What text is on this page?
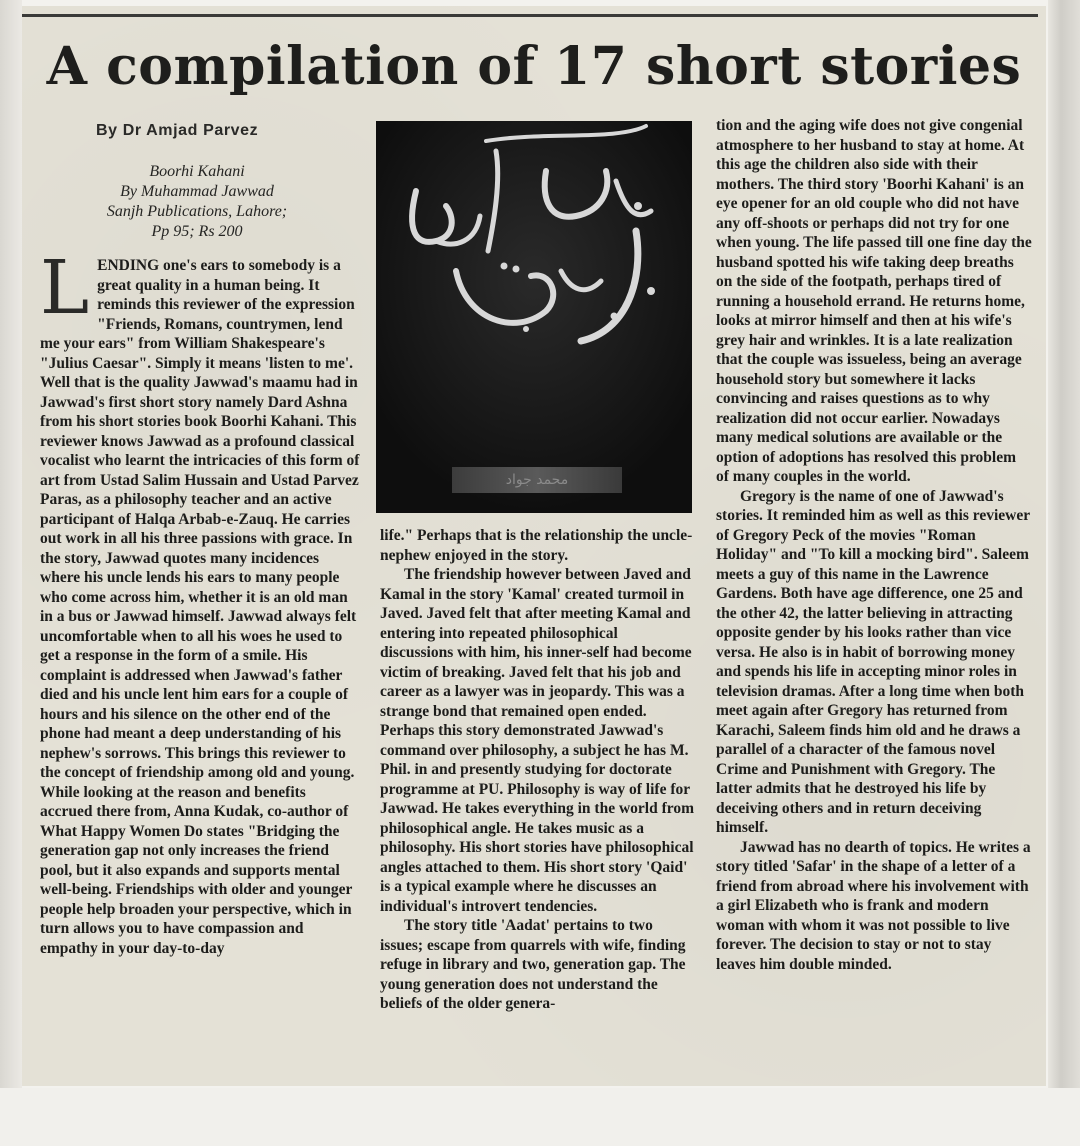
A compilation of 17 short stories
By Dr Amjad Parvez
Boorhi Kahani
By Muhammad Jawwad
Sanjh Publications, Lahore;
Pp 95; Rs 200
L ENDING one's ears to somebody is a great quality in a human being. It reminds this reviewer of the expression "Friends, Romans, countrymen, lend me your ears" from William Shakespeare's "Julius Caesar". Simply it means 'listen to me'. Well that is the quality Jawwad's maamu had in Jawwad's first short story namely Dard Ashna from his short stories book Boorhi Kahani. This reviewer knows Jawwad as a profound classical vocalist who learnt the intricacies of this form of art from Ustad Salim Hussain and Ustad Parvez Paras, as a philosophy teacher and an active participant of Halqa Arbab-e-Zauq. He carries out work in all his three passions with grace. In the story, Jawwad quotes many incidences where his uncle lends his ears to many people who come across him, whether it is an old man in a bus or Jawwad himself. Jawwad always felt uncomfortable when to all his woes he used to get a response in the form of a smile. His complaint is addressed when Jawwad's father died and his uncle lent him ears for a couple of hours and his silence on the other end of the phone had meant a deep understanding of his nephew's sorrows. This brings this reviewer to the concept of friendship among old and young. While looking at the reason and benefits accrued there from, Anna Kudak, co-author of What Happy Women Do states "Bridging the generation gap not only increases the friend pool, but it also expands and supports mental well-being. Friendships with older and younger people help broaden your perspective, which in turn allows you to have compassion and empathy in your day-to-day

محمد جواد

life." Perhaps that is the relationship the uncle-nephew enjoyed in the story.

The friendship however between Javed and Kamal in the story 'Kamal' created turmoil in Javed. Javed felt that after meeting Kamal and entering into repeated philosophical discussions with him, his inner-self had become victim of breaking. Javed felt that his job and career as a lawyer was in jeopardy. This was a strange bond that remained open ended. Perhaps this story demonstrated Jawwad's command over philosophy, a subject he has M. Phil. in and presently studying for doctorate programme at PU. Philosophy is way of life for Jawwad. He takes everything in the world from philosophical angle. He takes music as a philosophy. His short stories have philosophical angles attached to them. His short story 'Qaid' is a typical example where he discusses an individual's introvert tendencies.

The story title 'Aadat' pertains to two issues; escape from quarrels with wife, finding refuge in library and two, generation gap. The young generation does not understand the beliefs of the older genera-

tion and the aging wife does not give congenial atmosphere to her husband to stay at home. At this age the children also side with their mothers. The third story 'Boorhi Kahani' is an eye opener for an old couple who did not have any off-shoots or perhaps did not try for one when young. The life passed till one fine day the husband spotted his wife taking deep breaths on the side of the footpath, perhaps tired of running a household errand. He returns home, looks at mirror himself and then at his wife's grey hair and wrinkles. It is a late realization that the couple was issueless, being an average household story but somewhere it lacks convincing and raises questions as to why realization did not occur earlier. Nowadays many medical solutions are available or the option of adoptions has resolved this problem of many couples in the world.

Gregory is the name of one of Jawwad's stories. It reminded him as well as this reviewer of Gregory Peck of the movies "Roman Holiday" and "To kill a mocking bird". Saleem meets a guy of this name in the Lawrence Gardens. Both have age difference, one 25 and the other 42, the latter believing in attracting opposite gender by his looks rather than vice versa. He also is in habit of borrowing money and spends his life in accepting minor roles in television dramas. After a long time when both meet again after Gregory has returned from Karachi, Saleem finds him old and he draws a parallel of a character of the famous novel Crime and Punishment with Gregory. The latter admits that he destroyed his life by deceiving others and in return deceiving himself.

Jawwad has no dearth of topics. He writes a story titled 'Safar' in the shape of a letter of a friend from abroad where his involvement with a girl Elizabeth who is frank and modern woman with whom it was not possible to live forever. The decision to stay or not to stay leaves him double minded.
